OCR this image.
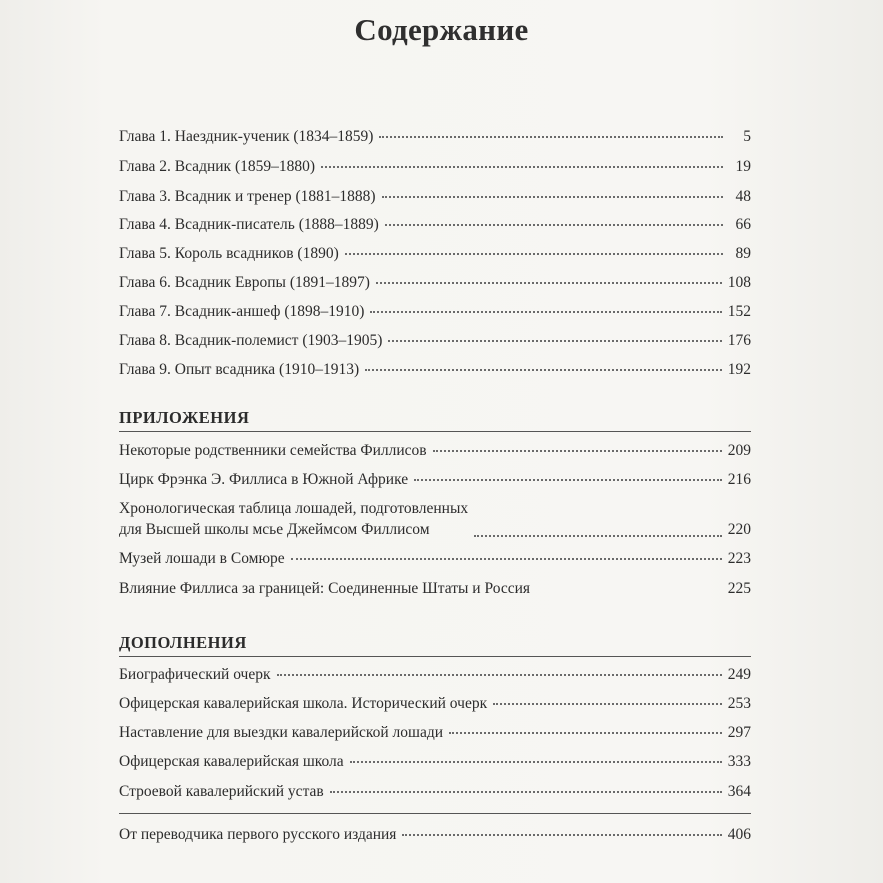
Содержание
Глава 1. Наездник-ученик (1834–1859)	5
Глава 2. Всадник (1859–1880)	19
Глава 3. Всадник и тренер (1881–1888)	48
Глава 4. Всадник-писатель (1888–1889)	66
Глава 5. Король всадников (1890)	89
Глава 6. Всадник Европы (1891–1897)	108
Глава 7. Всадник-аншеф (1898–1910)	152
Глава 8. Всадник-полемист (1903–1905)	176
Глава 9. Опыт всадника (1910–1913)	192
ПРИЛОЖЕНИЯ
Некоторые родственники семейства Филлисов	209
Цирк Фрэнка Э. Филлиса в Южной Африке	216
Хронологическая таблица лошадей, подготовленных
для Высшей школы мсье Джеймсом Филлисом	220
Музей лошади в Сомюре	223
Влияние Филлиса за границей: Соединенные Штаты и Россия	225
ДОПОЛНЕНИЯ
Биографический очерк	249
Офицерская кавалерийская школа. Исторический очерк	253
Наставление для выездки кавалерийской лошади	297
Офицерская кавалерийская школа	333
Строевой кавалерийский устав	364
От переводчика первого русского издания	406
